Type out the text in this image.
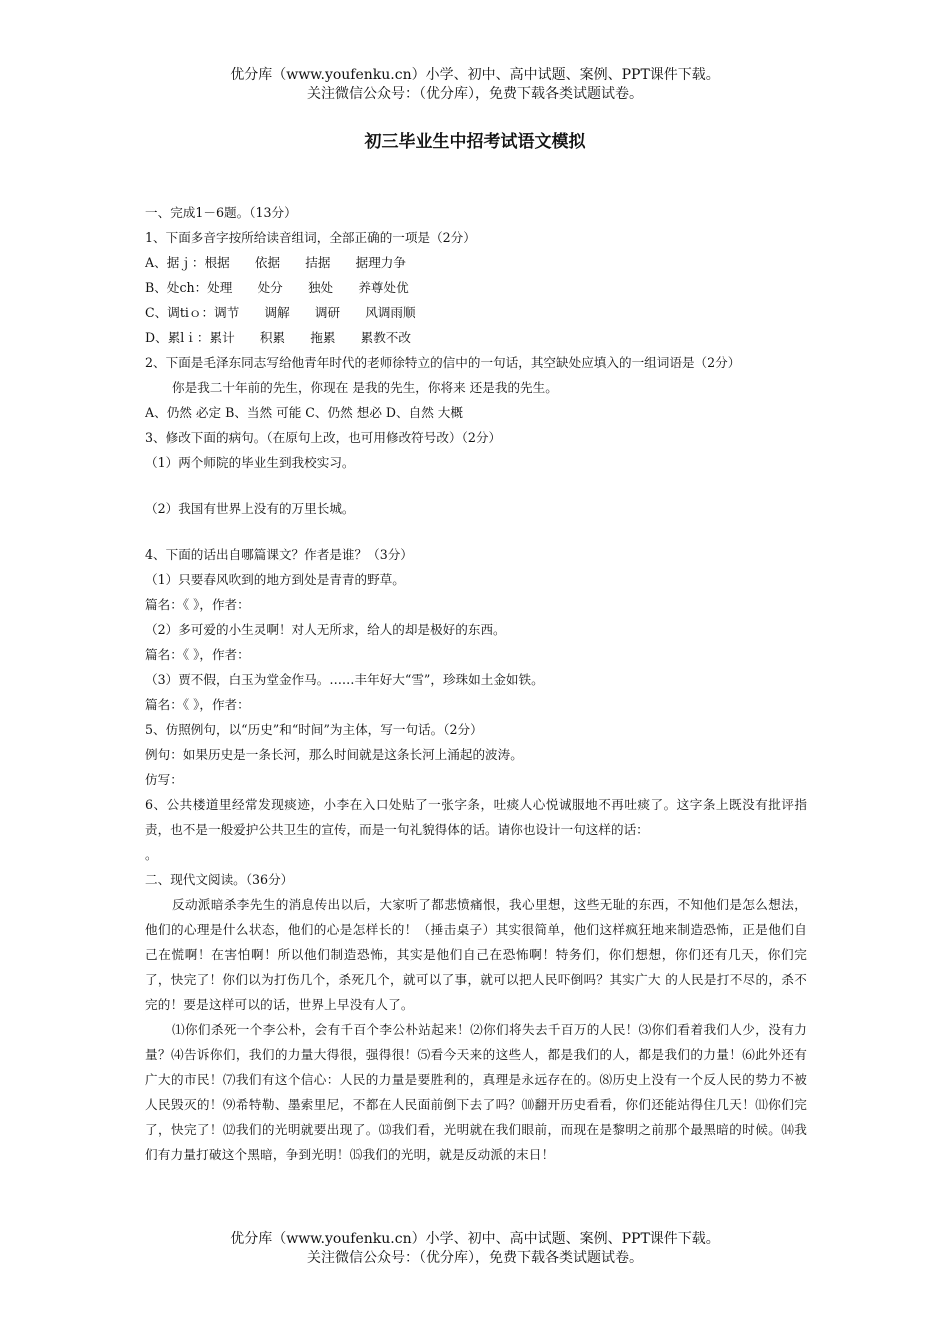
优分库（www.youfenku.cn）小学、初中、高中试题、案例、PPT课件下载。
关注微信公众号：（优分库），免费下载各类试题试卷。
初三毕业生中招考试语文模拟
一、完成1－6题。（13分）
1、下面多音字按所给读音组词，全部正确的一项是（2分）
A、据ｊ：根据　　依据　　拮据　　据理力争
B、处ch：处理　　处分　　独处　　养尊处优
C、调tiｏ：调节　　调解　　调研　　风调雨顺
D、累lｉ：累计　　积累　　拖累　　累教不改
2、下面是毛泽东同志写给他青年时代的老师徐特立的信中的一句话，其空缺处应填入的一组词语是（2分）
你是我二十年前的先生，你现在 是我的先生，你将来 还是我的先生。
A、仍然 必定 B、当然 可能 C、仍然 想必 D、自然 大概
3、修改下面的病句。（在原句上改，也可用修改符号改）（2分）
（1）两个师院的毕业生到我校实习。
（2）我国有世界上没有的万里长城。
4、下面的话出自哪篇课文？作者是谁？（3分）
（1）只要春风吹到的地方到处是青青的野草。
篇名：《 》，作者：
（2）多可爱的小生灵啊！对人无所求，给人的却是极好的东西。
篇名：《 》，作者：
（3）贾不假，白玉为堂金作马。……丰年好大“雪”，珍珠如土金如铁。
篇名：《 》，作者：
5、仿照例句，以“历史”和“时间”为主体，写一句话。（2分）
例句：如果历史是一条长河，那么时间就是这条长河上涌起的波涛。
仿写：
6、公共楼道里经常发现痰迹，小李在入口处贴了一张字条，吐痰人心悦诚服地不再吐痰了。这字条上既没有批评指责，也不是一般爱护公共卫生的宣传，而是一句礼貌得体的话。请你也设计一句这样的话：
。
二、现代文阅读。（36分）
反动派暗杀李先生的消息传出以后，大家听了都悲愤痛恨，我心里想，这些无耻的东西，不知他们是怎么想法，他们的心理是什么状态，他们的心是怎样长的！（捶击桌子）其实很简单，他们这样疯狂地来制造恐怖，正是他们自己在慌啊！在害怕啊！所以他们制造恐怖，其实是他们自己在恐怖啊！特务们，你们想想，你们还有几天，你们完了，快完了！你们以为打伤几个，杀死几个，就可以了事，就可以把人民吓倒吗？其实广大 的人民是打不尽的，杀不完的！要是这样可以的话，世界上早没有人了。
⑴你们杀死一个李公朴，会有千百个李公朴站起来！⑵你们将失去千百万的人民！⑶你们看着我们人少，没有力量？⑷告诉你们，我们的力量大得很，强得很！⑸看今天来的这些人，都是我们的人，都是我们的力量！⑹此外还有广大的市民！⑺我们有这个信心：人民的力量是要胜利的，真理是永远存在的。⑻历史上没有一个反人民的势力不被人民毁灭的！⑼希特勒、墨索里尼，不都在人民面前倒下去了吗？⑽翻开历史看看，你们还能站得住几天！⑾你们完了，快完了！⑿我们的光明就要出现了。⒀我们看，光明就在我们眼前，而现在是黎明之前那个最黑暗的时候。⒁我们有力量打破这个黑暗，争到光明！⒂我们的光明，就是反动派的末日！
优分库（www.youfenku.cn）小学、初中、高中试题、案例、PPT课件下载。
关注微信公众号：（优分库），免费下载各类试题试卷。
